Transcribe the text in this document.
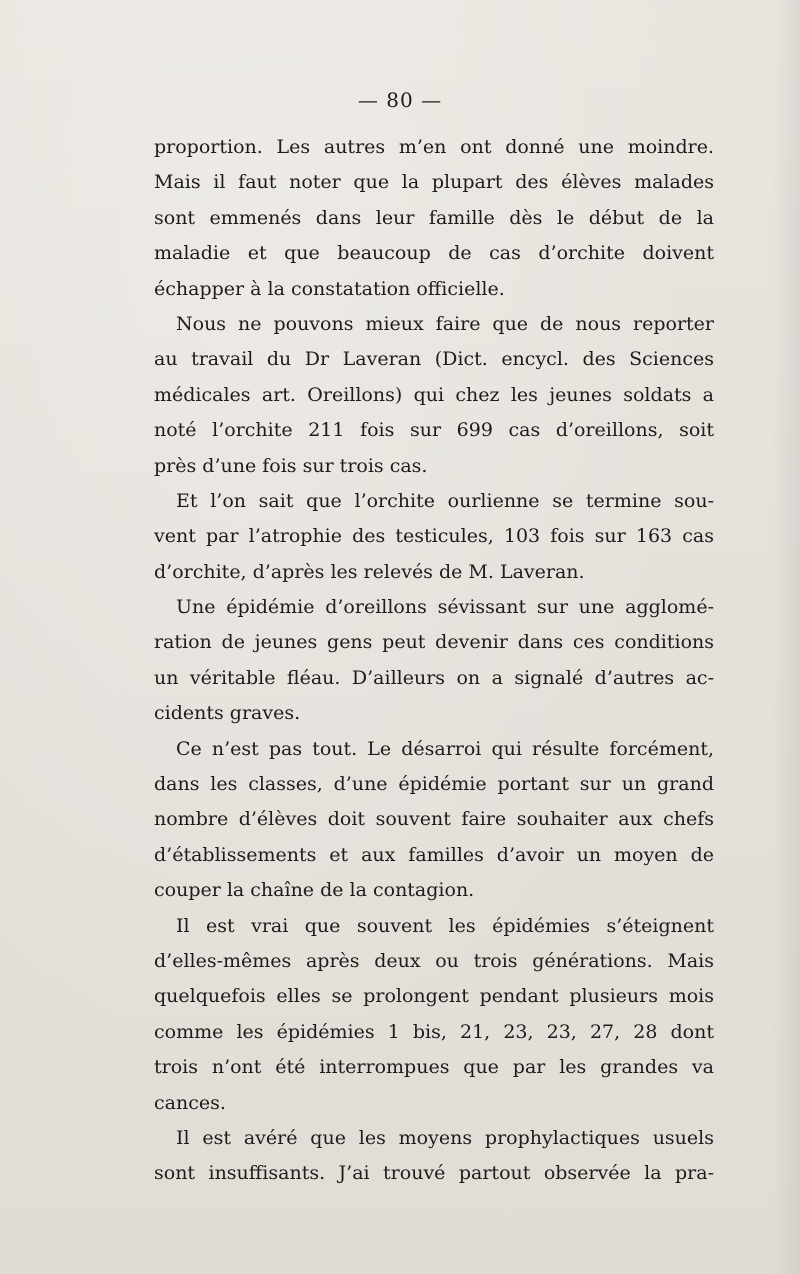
— 80 —
proportion. Les autres m’en ont donné une moindre.
Mais il faut noter que la plupart des élèves malades
sont emmenés dans leur famille dès le début de la
maladie et que beaucoup de cas d’orchite doivent
échapper à la constatation officielle.
Nous ne pouvons mieux faire que de nous reporter
au travail du Dr Laveran (Dict. encycl. des Sciences
médicales art. Oreillons) qui chez les jeunes soldats a
noté l’orchite 211 fois sur 699 cas d’oreillons, soit
près d’une fois sur trois cas.
Et l’on sait que l’orchite ourlienne se termine sou-
vent par l’atrophie des testicules, 103 fois sur 163 cas
d’orchite, d’après les relevés de M. Laveran.
Une épidémie d’oreillons sévissant sur une agglomé-
ration de jeunes gens peut devenir dans ces conditions
un véritable fléau. D’ailleurs on a signalé d’autres ac-
cidents graves.
Ce n’est pas tout. Le désarroi qui résulte forcément,
dans les classes, d’une épidémie portant sur un grand
nombre d’élèves doit souvent faire souhaiter aux chefs
d’établissements et aux familles d’avoir un moyen de
couper la chaîne de la contagion.
Il est vrai que souvent les épidémies s’éteignent
d’elles-mêmes après deux ou trois générations. Mais
quelquefois elles se prolongent pendant plusieurs mois
comme les épidémies 1 bis, 21, 23, 23, 27, 28 dont
trois n’ont été interrompues que par les grandes va
cances.
Il est avéré que les moyens prophylactiques usuels
sont insuffisants. J’ai trouvé partout observée la pra-
